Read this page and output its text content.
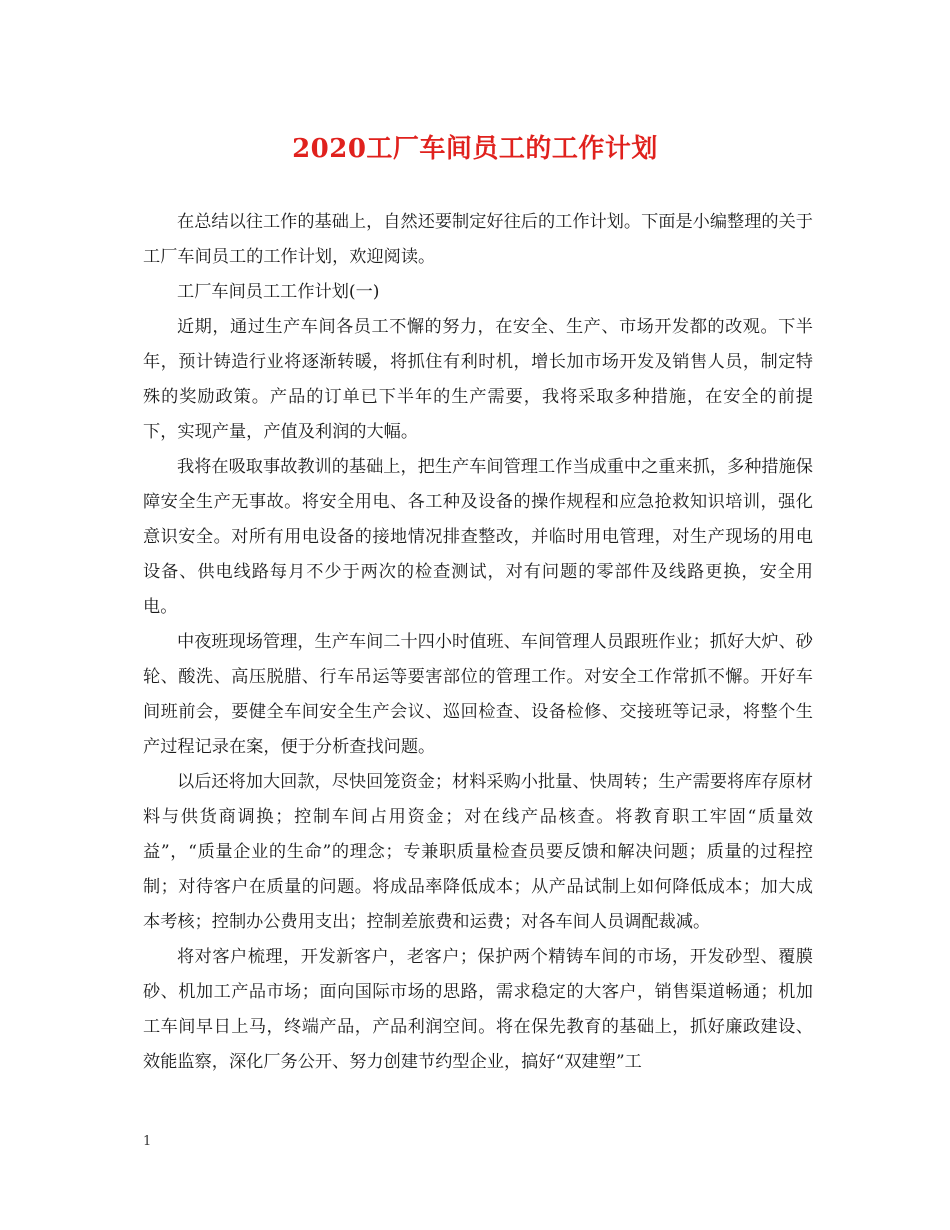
2020工厂车间员工的工作计划

在总结以往工作的基础上，自然还要制定好往后的工作计划。下面是小编整理的关于工厂车间员工的工作计划，欢迎阅读。

工厂车间员工工作计划(一)

近期，通过生产车间各员工不懈的努力，在安全、生产、市场开发都的改观。下半年，预计铸造行业将逐渐转暖，将抓住有利时机，增长加市场开发及销售人员，制定特殊的奖励政策。产品的订单已下半年的生产需要，我将采取多种措施，在安全的前提下，实现产量，产值及利润的大幅。

我将在吸取事故教训的基础上，把生产车间管理工作当成重中之重来抓，多种措施保障安全生产无事故。将安全用电、各工种及设备的操作规程和应急抢救知识培训，强化意识安全。对所有用电设备的接地情况排查整改，并临时用电管理，对生产现场的用电设备、供电线路每月不少于两次的检查测试，对有问题的零部件及线路更换，安全用电。

中夜班现场管理，生产车间二十四小时值班、车间管理人员跟班作业；抓好大炉、砂轮、酸洗、高压脱腊、行车吊运等要害部位的管理工作。对安全工作常抓不懈。开好车间班前会，要健全车间安全生产会议、巡回检查、设备检修、交接班等记录，将整个生产过程记录在案，便于分析查找问题。

以后还将加大回款，尽快回笼资金；材料采购小批量、快周转；生产需要将库存原材料与供货商调换；控制车间占用资金；对在线产品核查。将教育职工牢固“质量效益”，“质量企业的生命”的理念；专兼职质量检查员要反馈和解决问题；质量的过程控制；对待客户在质量的问题。将成品率降低成本；从产品试制上如何降低成本；加大成本考核；控制办公费用支出；控制差旅费和运费；对各车间人员调配裁减。

将对客户梳理，开发新客户，老客户；保护两个精铸车间的市场，开发砂型、覆膜砂、机加工产品市场；面向国际市场的思路，需求稳定的大客户，销售渠道畅通；机加工车间早日上马，终端产品，产品利润空间。将在保先教育的基础上，抓好廉政建设、效能监察，深化厂务公开、努力创建节约型企业，搞好“双建塑”工

1
